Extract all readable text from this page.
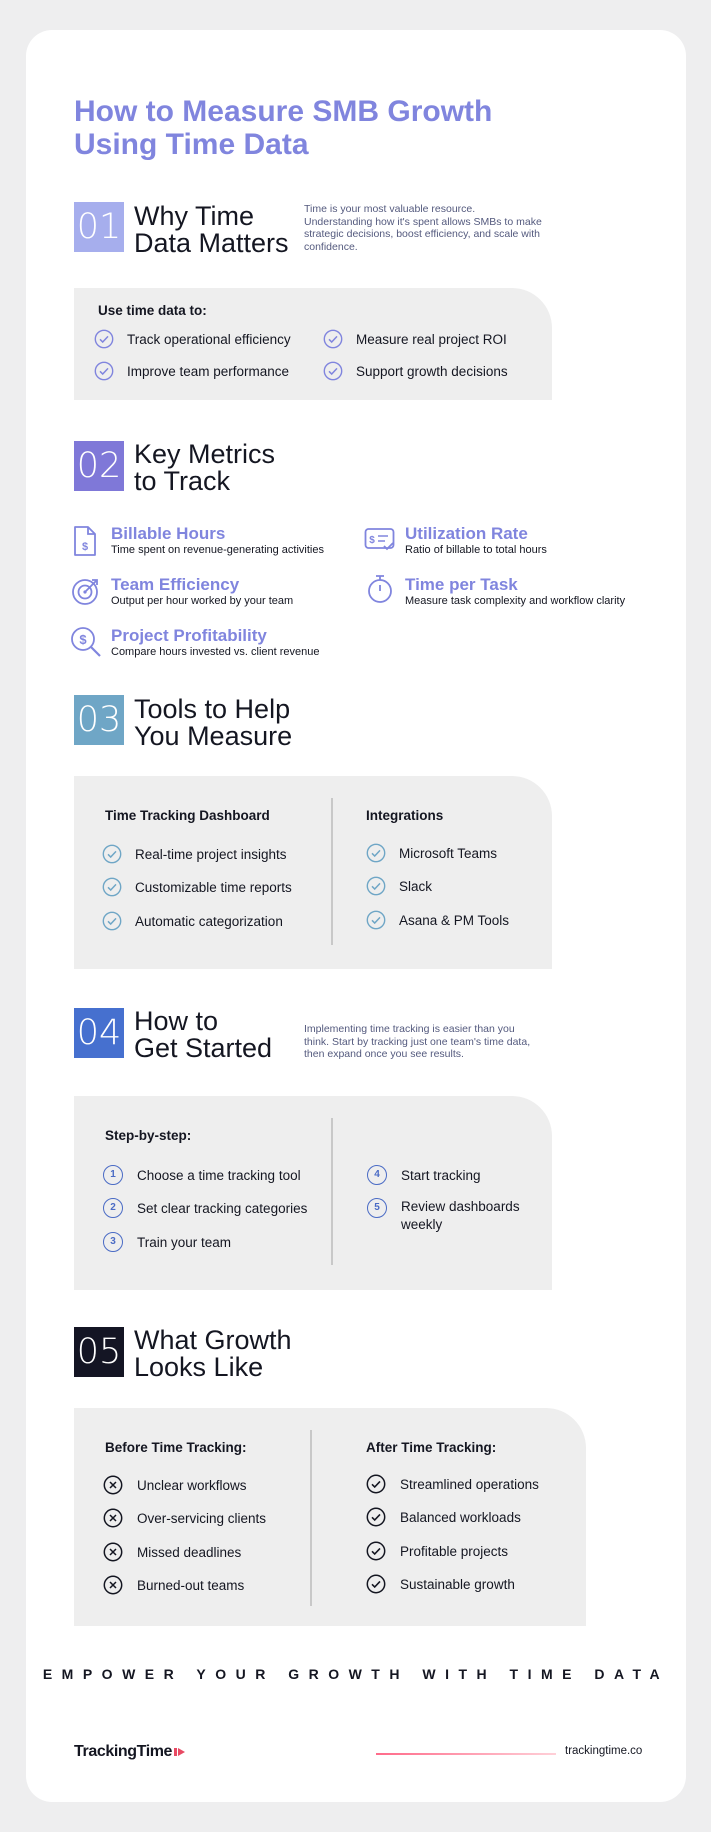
How to Measure SMB Growth Using Time Data
01 Why Time
Data Matters
Time is your most valuable resource. Understanding how it's spent allows SMBs to make strategic decisions, boost efficiency, and scale with confidence.
Use time data to:
Track operational efficiency
Improve team performance
Measure real project ROI
Support growth decisions
02 Key Metrics
to Track
$
Billable Hours
Time spent on revenue-generating activities
$ Utilization Rate
Ratio of billable to total hours
Team Efficiency
Output per hour worked by your team
Time per Task
Measure task complexity and workflow clarity
$ Project Profitability
Compare hours invested vs. client revenue
03 Tools to Help
You Measure
Time Tracking Dashboard
Real-time project insights
Customizable time reports
Automatic categorization
Integrations
Microsoft Teams
Slack
Asana & PM Tools
04 How to
Get Started
Implementing time tracking is easier than you think. Start by tracking just one team's time data, then expand once you see results.
Step-by-step:
1	Choose a time tracking tool
2	Set clear tracking categories
3	Train your team
4	Start tracking
5	Review dashboards weekly
05 What Growth
Looks Like
Before Time Tracking:
Unclear workflows
Over-servicing clients
Missed deadlines
Burned-out teams
After Time Tracking:
Streamlined operations
Balanced workloads
Profitable projects
Sustainable growth
EMPOWER YOUR GROWTH WITH TIME DATA
TrackingTime	trackingtime.co
